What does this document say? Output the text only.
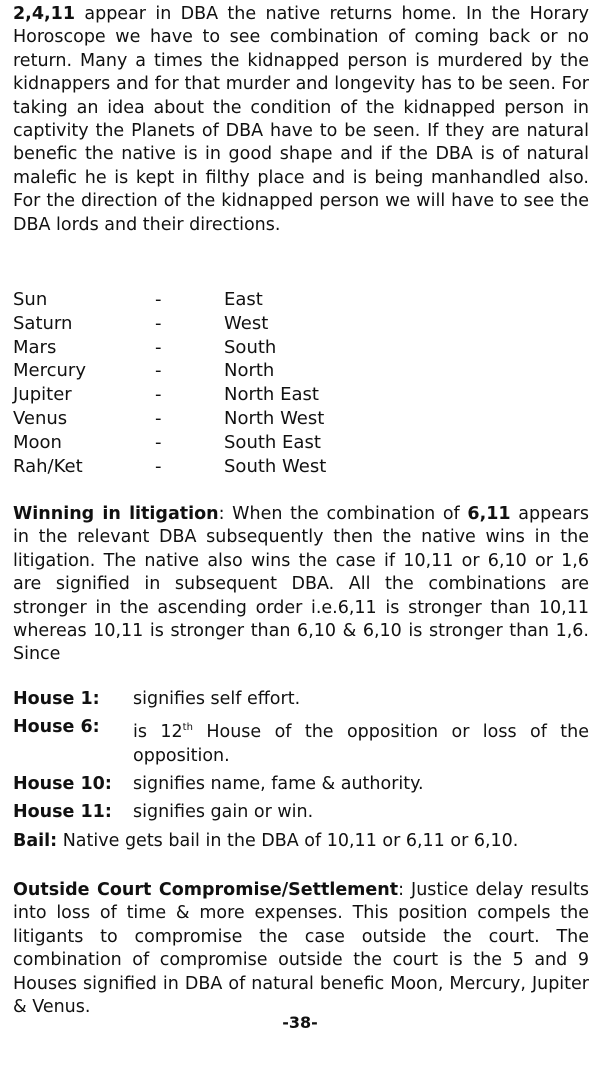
2,4,11 appear in DBA the native returns home. In the Horary Horoscope we have to see combination of coming back or no return. Many a times the kidnapped person is murdered by the kidnappers and for that murder and longevity has to be seen. For taking an idea about the condition of the kidnapped person in captivity the Planets of DBA have to be seen. If they are natural benefic the native is in good shape and if the DBA is of natural malefic he is kept in filthy place and is being manhandled also. For the direction of the kidnapped person we will have to see the DBA lords and their directions.

Sun	-	East
Saturn	-	West
Mars	-	South
Mercury	-	North
Jupiter	-	North East
Venus	-	North West
Moon	-	South East
Rah/Ket	-	South West

Winning in litigation: When the combination of 6,11 appears in the relevant DBA subsequently then the native wins in the litigation. The native also wins the case if 10,11 or 6,10 or 1,6 are signified in subsequent DBA. All the combinations are stronger in the ascending order i.e.6,11 is stronger than 10,11 whereas 10,11 is stronger than 6,10 & 6,10 is stronger than 1,6. Since

House 1:	signifies self effort.
House 6:	is 12th House of the opposition or loss of the opposition.
House 10:	signifies name, fame & authority.
House 11:	signifies gain or win.
Bail: Native gets bail in the DBA of 10,11 or 6,11 or 6,10.

Outside Court Compromise/Settlement: Justice delay results into loss of time & more expenses. This position compels the litigants to compromise the case outside the court. The combination of compromise outside the court is the 5 and 9 Houses signified in DBA of natural benefic Moon, Mercury, Jupiter & Venus.

-38-
